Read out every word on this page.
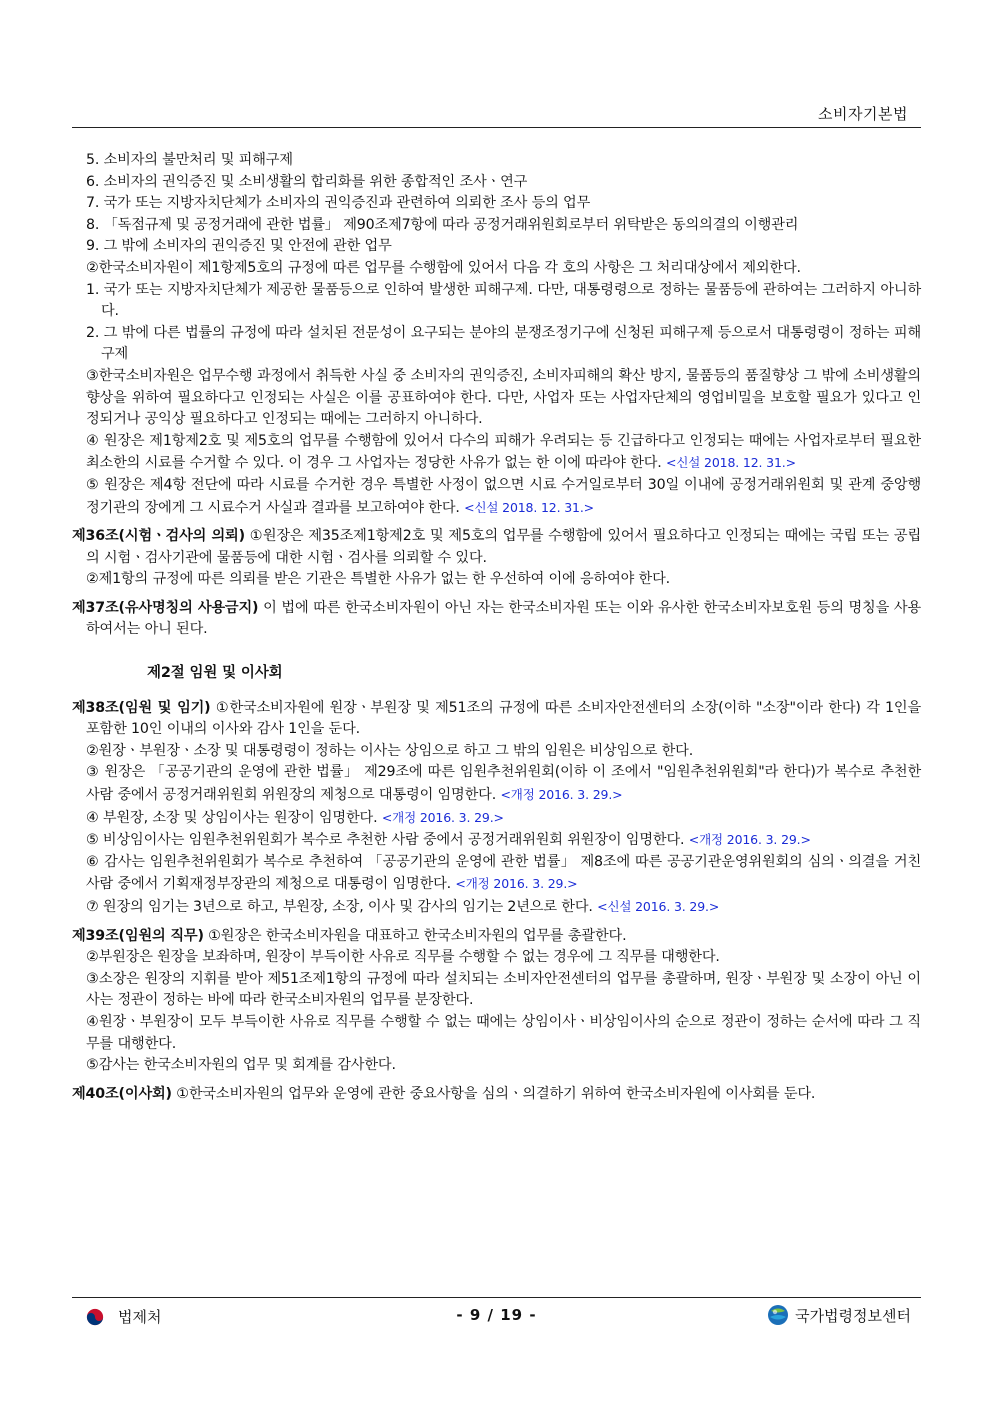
소비자기본법

5. 소비자의 불만처리 및 피해구제

6. 소비자의 권익증진 및 소비생활의 합리화를 위한 종합적인 조사ㆍ연구

7. 국가 또는 지방자치단체가 소비자의 권익증진과 관련하여 의뢰한 조사 등의 업무

8. 「독점규제 및 공정거래에 관한 법률」 제90조제7항에 따라 공정거래위원회로부터 위탁받은 동의의결의 이행관리

9. 그 밖에 소비자의 권익증진 및 안전에 관한 업무

②한국소비자원이 제1항제5호의 규정에 따른 업무를 수행함에 있어서 다음 각 호의 사항은 그 처리대상에서 제외한다.

1. 국가 또는 지방자치단체가 제공한 물품등으로 인하여 발생한 피해구제. 다만, 대통령령으로 정하는 물품등에 관하여는 그러하지 아니하다.

2. 그 밖에 다른 법률의 규정에 따라 설치된 전문성이 요구되는 분야의 분쟁조정기구에 신청된 피해구제 등으로서 대통령령이 정하는 피해구제

③한국소비자원은 업무수행 과정에서 취득한 사실 중 소비자의 권익증진, 소비자피해의 확산 방지, 물품등의 품질향상 그 밖에 소비생활의 향상을 위하여 필요하다고 인정되는 사실은 이를 공표하여야 한다. 다만, 사업자 또는 사업자단체의 영업비밀을 보호할 필요가 있다고 인정되거나 공익상 필요하다고 인정되는 때에는 그러하지 아니하다.

④ 원장은 제1항제2호 및 제5호의 업무를 수행함에 있어서 다수의 피해가 우려되는 등 긴급하다고 인정되는 때에는 사업자로부터 필요한 최소한의 시료를 수거할 수 있다. 이 경우 그 사업자는 정당한 사유가 없는 한 이에 따라야 한다. <신설 2018. 12. 31.>

⑤ 원장은 제4항 전단에 따라 시료를 수거한 경우 특별한 사정이 없으면 시료 수거일로부터 30일 이내에 공정거래위원회 및 관계 중앙행정기관의 장에게 그 시료수거 사실과 결과를 보고하여야 한다. <신설 2018. 12. 31.>

제36조(시험ㆍ검사의 의뢰) ①원장은 제35조제1항제2호 및 제5호의 업무를 수행함에 있어서 필요하다고 인정되는 때에는 국립 또는 공립의 시험ㆍ검사기관에 물품등에 대한 시험ㆍ검사를 의뢰할 수 있다.

②제1항의 규정에 따른 의뢰를 받은 기관은 특별한 사유가 없는 한 우선하여 이에 응하여야 한다.

제37조(유사명칭의 사용금지) 이 법에 따른 한국소비자원이 아닌 자는 한국소비자원 또는 이와 유사한 한국소비자보호원 등의 명칭을 사용하여서는 아니 된다.

제2절 임원 및 이사회

제38조(임원 및 임기) ①한국소비자원에 원장ㆍ부원장 및 제51조의 규정에 따른 소비자안전센터의 소장(이하 "소장"이라 한다) 각 1인을 포함한 10인 이내의 이사와 감사 1인을 둔다.

②원장ㆍ부원장ㆍ소장 및 대통령령이 정하는 이사는 상임으로 하고 그 밖의 임원은 비상임으로 한다.

③ 원장은 「공공기관의 운영에 관한 법률」 제29조에 따른 임원추천위원회(이하 이 조에서 "임원추천위원회"라 한다)가 복수로 추천한 사람 중에서 공정거래위원회 위원장의 제청으로 대통령이 임명한다. <개정 2016. 3. 29.>

④ 부원장, 소장 및 상임이사는 원장이 임명한다. <개정 2016. 3. 29.>

⑤ 비상임이사는 임원추천위원회가 복수로 추천한 사람 중에서 공정거래위원회 위원장이 임명한다. <개정 2016. 3. 29.>

⑥ 감사는 임원추천위원회가 복수로 추천하여 「공공기관의 운영에 관한 법률」 제8조에 따른 공공기관운영위원회의 심의ㆍ의결을 거친 사람 중에서 기획재정부장관의 제청으로 대통령이 임명한다. <개정 2016. 3. 29.>

⑦ 원장의 임기는 3년으로 하고, 부원장, 소장, 이사 및 감사의 임기는 2년으로 한다. <신설 2016. 3. 29.>

제39조(임원의 직무) ①원장은 한국소비자원을 대표하고 한국소비자원의 업무를 총괄한다.

②부원장은 원장을 보좌하며, 원장이 부득이한 사유로 직무를 수행할 수 없는 경우에 그 직무를 대행한다.

③소장은 원장의 지휘를 받아 제51조제1항의 규정에 따라 설치되는 소비자안전센터의 업무를 총괄하며, 원장ㆍ부원장 및 소장이 아닌 이사는 정관이 정하는 바에 따라 한국소비자원의 업무를 분장한다.

④원장ㆍ부원장이 모두 부득이한 사유로 직무를 수행할 수 없는 때에는 상임이사ㆍ비상임이사의 순으로 정관이 정하는 순서에 따라 그 직무를 대행한다.

⑤감사는 한국소비자원의 업무 및 회계를 감사한다.

제40조(이사회) ①한국소비자원의 업무와 운영에 관한 중요사항을 심의ㆍ의결하기 위하여 한국소비자원에 이사회를 둔다.

법제처	- 9 / 19 -	국가법령정보센터
